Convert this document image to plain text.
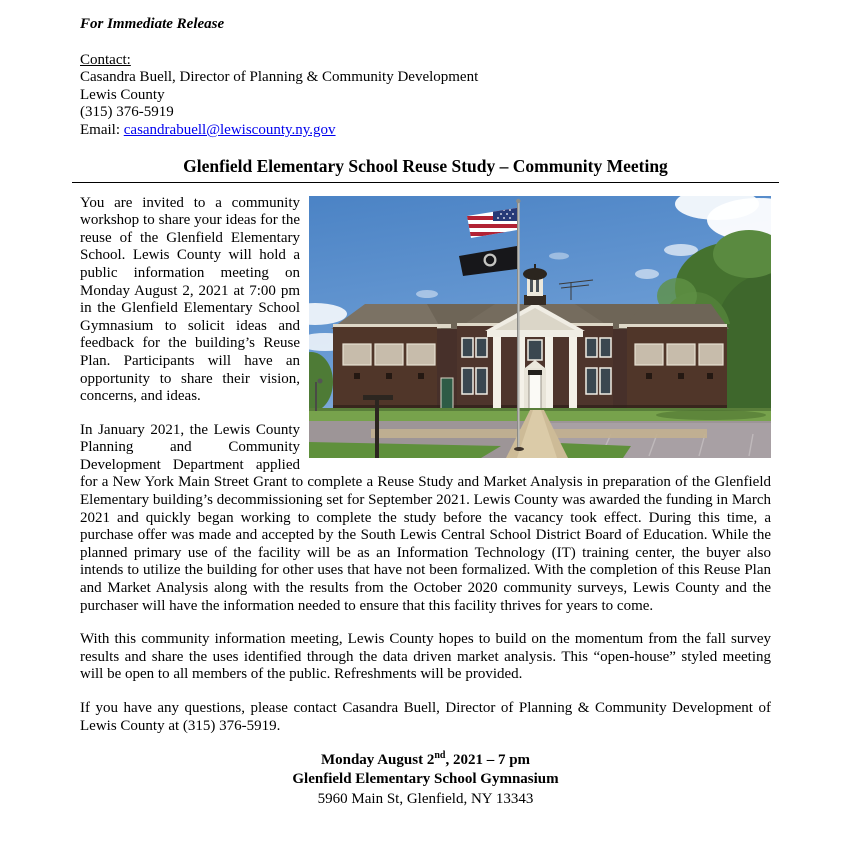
For Immediate Release

Contact:

Casandra Buell, Director of Planning & Community Development

Lewis County

(315) 376-5919

Email: casandrabuell@lewiscounty.ny.gov

Glenfield Elementary School Reuse Study – Community Meeting

You are invited to a community workshop to share your ideas for the reuse of the Glenfield Elementary School. Lewis County will hold a public information meeting on Monday August 2, 2021 at 7:00 pm in the Glenfield Elementary School Gymnasium to solicit ideas and feedback for the building’s Reuse Plan. Participants will have an opportunity to share their vision, concerns, and ideas.

In January 2021, the Lewis County Planning and Community Development Department applied for a New York Main Street Grant to complete a Reuse Study and Market Analysis in preparation of the Glenfield Elementary building’s decommissioning set for September 2021. Lewis County was awarded the funding in March 2021 and quickly began working to complete the study before the vacancy took effect. During this time, a purchase offer was made and accepted by the South Lewis Central School District Board of Education. While the planned primary use of the facility will be as an Information Technology (IT) training center, the buyer also intends to utilize the building for other uses that have not been formalized. With the completion of this Reuse Plan and Market Analysis along with the results from the October 2020 community surveys, Lewis County and the purchaser will have the information needed to ensure that this facility thrives for years to come.

With this community information meeting, Lewis County hopes to build on the momentum from the fall survey results and share the uses identified through the data driven market analysis. This “open-house” styled meeting will be open to all members of the public. Refreshments will be provided.

If you have any questions, please contact Casandra Buell, Director of Planning & Community Development of Lewis County at (315) 376-5919.

Monday August 2nd, 2021 – 7 pm

Glenfield Elementary School Gymnasium

5960 Main St, Glenfield, NY 13343
